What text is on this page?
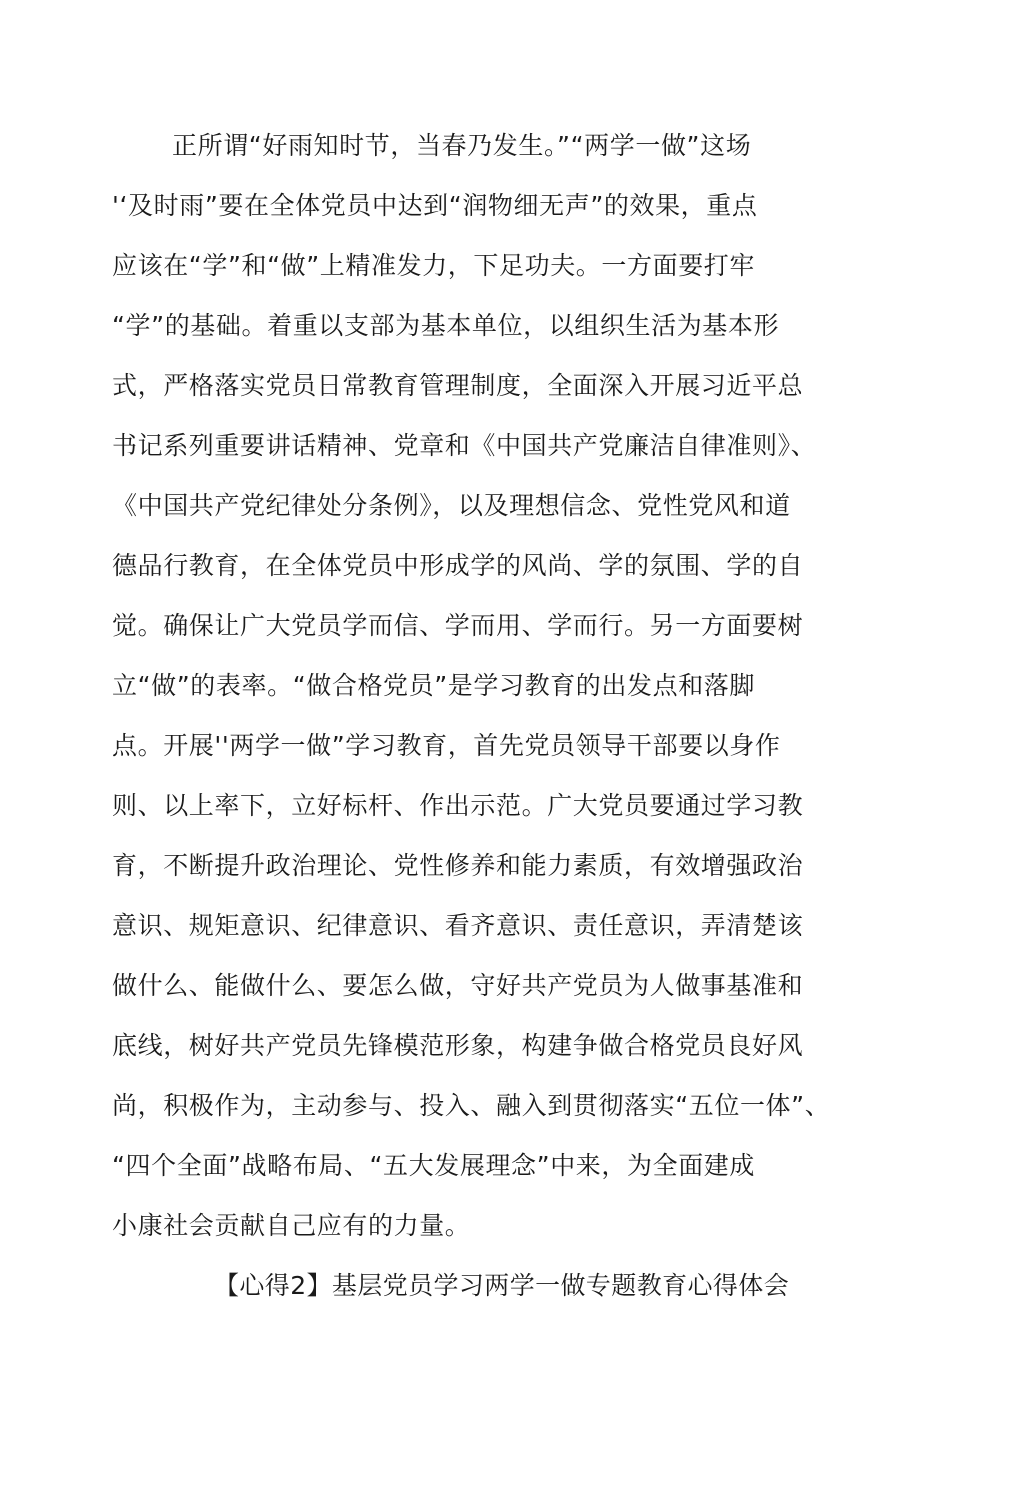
正所谓“好雨知时节，当春乃发生。”“两学一做”这场
'‘及时雨”要在全体党员中达到“润物细无声”的效果，重点
应该在“学”和“做”上精准发力，下足功夫。一方面要打牢
“学”的基础。着重以支部为基本单位，以组织生活为基本形
式，严格落实党员日常教育管理制度，全面深入开展习近平总
书记系列重要讲话精神、党章和《中国共产党廉洁自律准则》、
《中国共产党纪律处分条例》，以及理想信念、党性党风和道
德品行教育，在全体党员中形成学的风尚、学的氛围、学的自
觉。确保让广大党员学而信、学而用、学而行。另一方面要树
立“做”的表率。“做合格党员”是学习教育的出发点和落脚
点。开展''两学一做”学习教育，首先党员领导干部要以身作
则、以上率下，立好标杆、作出示范。广大党员要通过学习教
育，不断提升政治理论、党性修养和能力素质，有效增强政治
意识、规矩意识、纪律意识、看齐意识、责任意识，弄清楚该
做什么、能做什么、要怎么做，守好共产党员为人做事基准和
底线，树好共产党员先锋模范形象，构建争做合格党员良好风
尚，积极作为，主动参与、投入、融入到贯彻落实“五位一体”、
“四个全面”战略布局、“五大发展理念”中来，为全面建成
小康社会贡献自己应有的力量。
【心得2】基层党员学习两学一做专题教育心得体会
